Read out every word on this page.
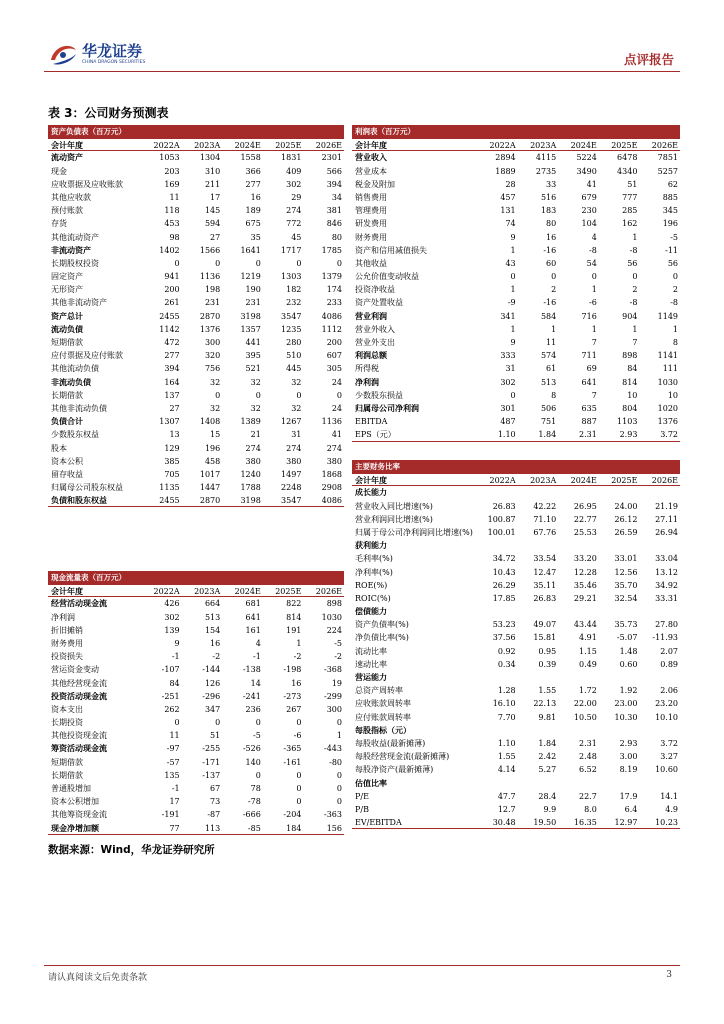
华龙证券
CHINA DRAGON SECURITIES	点评报告
表 3：公司财务预测表
资产负债表（百万元）
会计年度	2022A	2023A	2024E	2025E	2026E
流动资产	1053	1304	1558	1831	2301
现金	203	310	366	409	566
应收票据及应收账款	169	211	277	302	394
其他应收款	11	17	16	29	34
预付账款	118	145	189	274	381
存货	453	594	675	772	846
其他流动资产	98	27	35	45	80
非流动资产	1402	1566	1641	1717	1785
长期股权投资	0	0	0	0	0
固定资产	941	1136	1219	1303	1379
无形资产	200	198	190	182	174
其他非流动资产	261	231	231	232	233
资产总计	2455	2870	3198	3547	4086
流动负债	1142	1376	1357	1235	1112
短期借款	472	300	441	280	200
应付票据及应付账款	277	320	395	510	607
其他流动负债	394	756	521	445	305
非流动负债	164	32	32	32	24
长期借款	137	0	0	0	0
其他非流动负债	27	32	32	32	24
负债合计	1307	1408	1389	1267	1136
少数股东权益	13	15	21	31	41
股本	129	196	274	274	274
资本公积	385	458	380	380	380
留存收益	705	1017	1240	1497	1868
归属母公司股东权益	1135	1447	1788	2248	2908
负债和股东权益	2455	2870	3198	3547	4086
利润表（百万元）
会计年度	2022A	2023A	2024E	2025E	2026E
营业收入	2894	4115	5224	6478	7851
营业成本	1889	2735	3490	4340	5257
税金及附加	28	33	41	51	62
销售费用	457	516	679	777	885
管理费用	131	183	230	285	345
研发费用	74	80	104	162	196
财务费用	9	16	4	1	-5
资产和信用减值损失	1	-16	-8	-8	-11
其他收益	43	60	54	56	56
公允价值变动收益	0	0	0	0	0
投资净收益	1	2	1	2	2
资产处置收益	-9	-16	-6	-8	-8
营业利润	341	584	716	904	1149
营业外收入	1	1	1	1	1
营业外支出	9	11	7	7	8
利润总额	333	574	711	898	1141
所得税	31	61	69	84	111
净利润	302	513	641	814	1030
少数股东损益	0	8	7	10	10
归属母公司净利润	301	506	635	804	1020
EBITDA	487	751	887	1103	1376
EPS（元）	1.10	1.84	2.31	2.93	3.72
主要财务比率
会计年度	2022A	2023A	2024E	2025E	2026E
成长能力
营业收入同比增速(%)	26.83	42.22	26.95	24.00	21.19
营业利润同比增速(%)	100.87	71.10	22.77	26.12	27.11
归属于母公司净利润同比增速(%)	100.01	67.76	25.53	26.59	26.94
获利能力
毛利率(%)	34.72	33.54	33.20	33.01	33.04
净利率(%)	10.43	12.47	12.28	12.56	13.12
ROE(%)	26.29	35.11	35.46	35.70	34.92
ROIC(%)	17.85	26.83	29.21	32.54	33.31
偿债能力
资产负债率(%)	53.23	49.07	43.44	35.73	27.80
净负债比率(%)	37.56	15.81	4.91	-5.07	-11.93
流动比率	0.92	0.95	1.15	1.48	2.07
速动比率	0.34	0.39	0.49	0.60	0.89
营运能力
总资产周转率	1.28	1.55	1.72	1.92	2.06
应收账款周转率	16.10	22.13	22.00	23.00	23.20
应付账款周转率	7.70	9.81	10.50	10.30	10.10
每股指标（元）
每股收益(最新摊薄)	1.10	1.84	2.31	2.93	3.72
每股经营现金流(最新摊薄)	1.55	2.42	2.48	3.00	3.27
每股净资产(最新摊薄)	4.14	5.27	6.52	8.19	10.60
估值比率
P/E	47.7	28.4	22.7	17.9	14.1
P/B	12.7	9.9	8.0	6.4	4.9
EV/EBITDA	30.48	19.50	16.35	12.97	10.23
现金流量表（百万元）
会计年度	2022A	2023A	2024E	2025E	2026E
经营活动现金流	426	664	681	822	898
净利润	302	513	641	814	1030
折旧摊销	139	154	161	191	224
财务费用	9	16	4	1	-5
投资损失	-1	-2	-1	-2	-2
营运资金变动	-107	-144	-138	-198	-368
其他经营现金流	84	126	14	16	19
投资活动现金流	-251	-296	-241	-273	-299
资本支出	262	347	236	267	300
长期投资	0	0	0	0	0
其他投资现金流	11	51	-5	-6	1
筹资活动现金流	-97	-255	-526	-365	-443
短期借款	-57	-171	140	-161	-80
长期借款	135	-137	0	0	0
普通股增加	-1	67	78	0	0
资本公积增加	17	73	-78	0	0
其他筹资现金流	-191	-87	-666	-204	-363
现金净增加额	77	113	-85	184	156
数据来源：Wind，华龙证券研究所
请认真阅读文后免责条款	3
